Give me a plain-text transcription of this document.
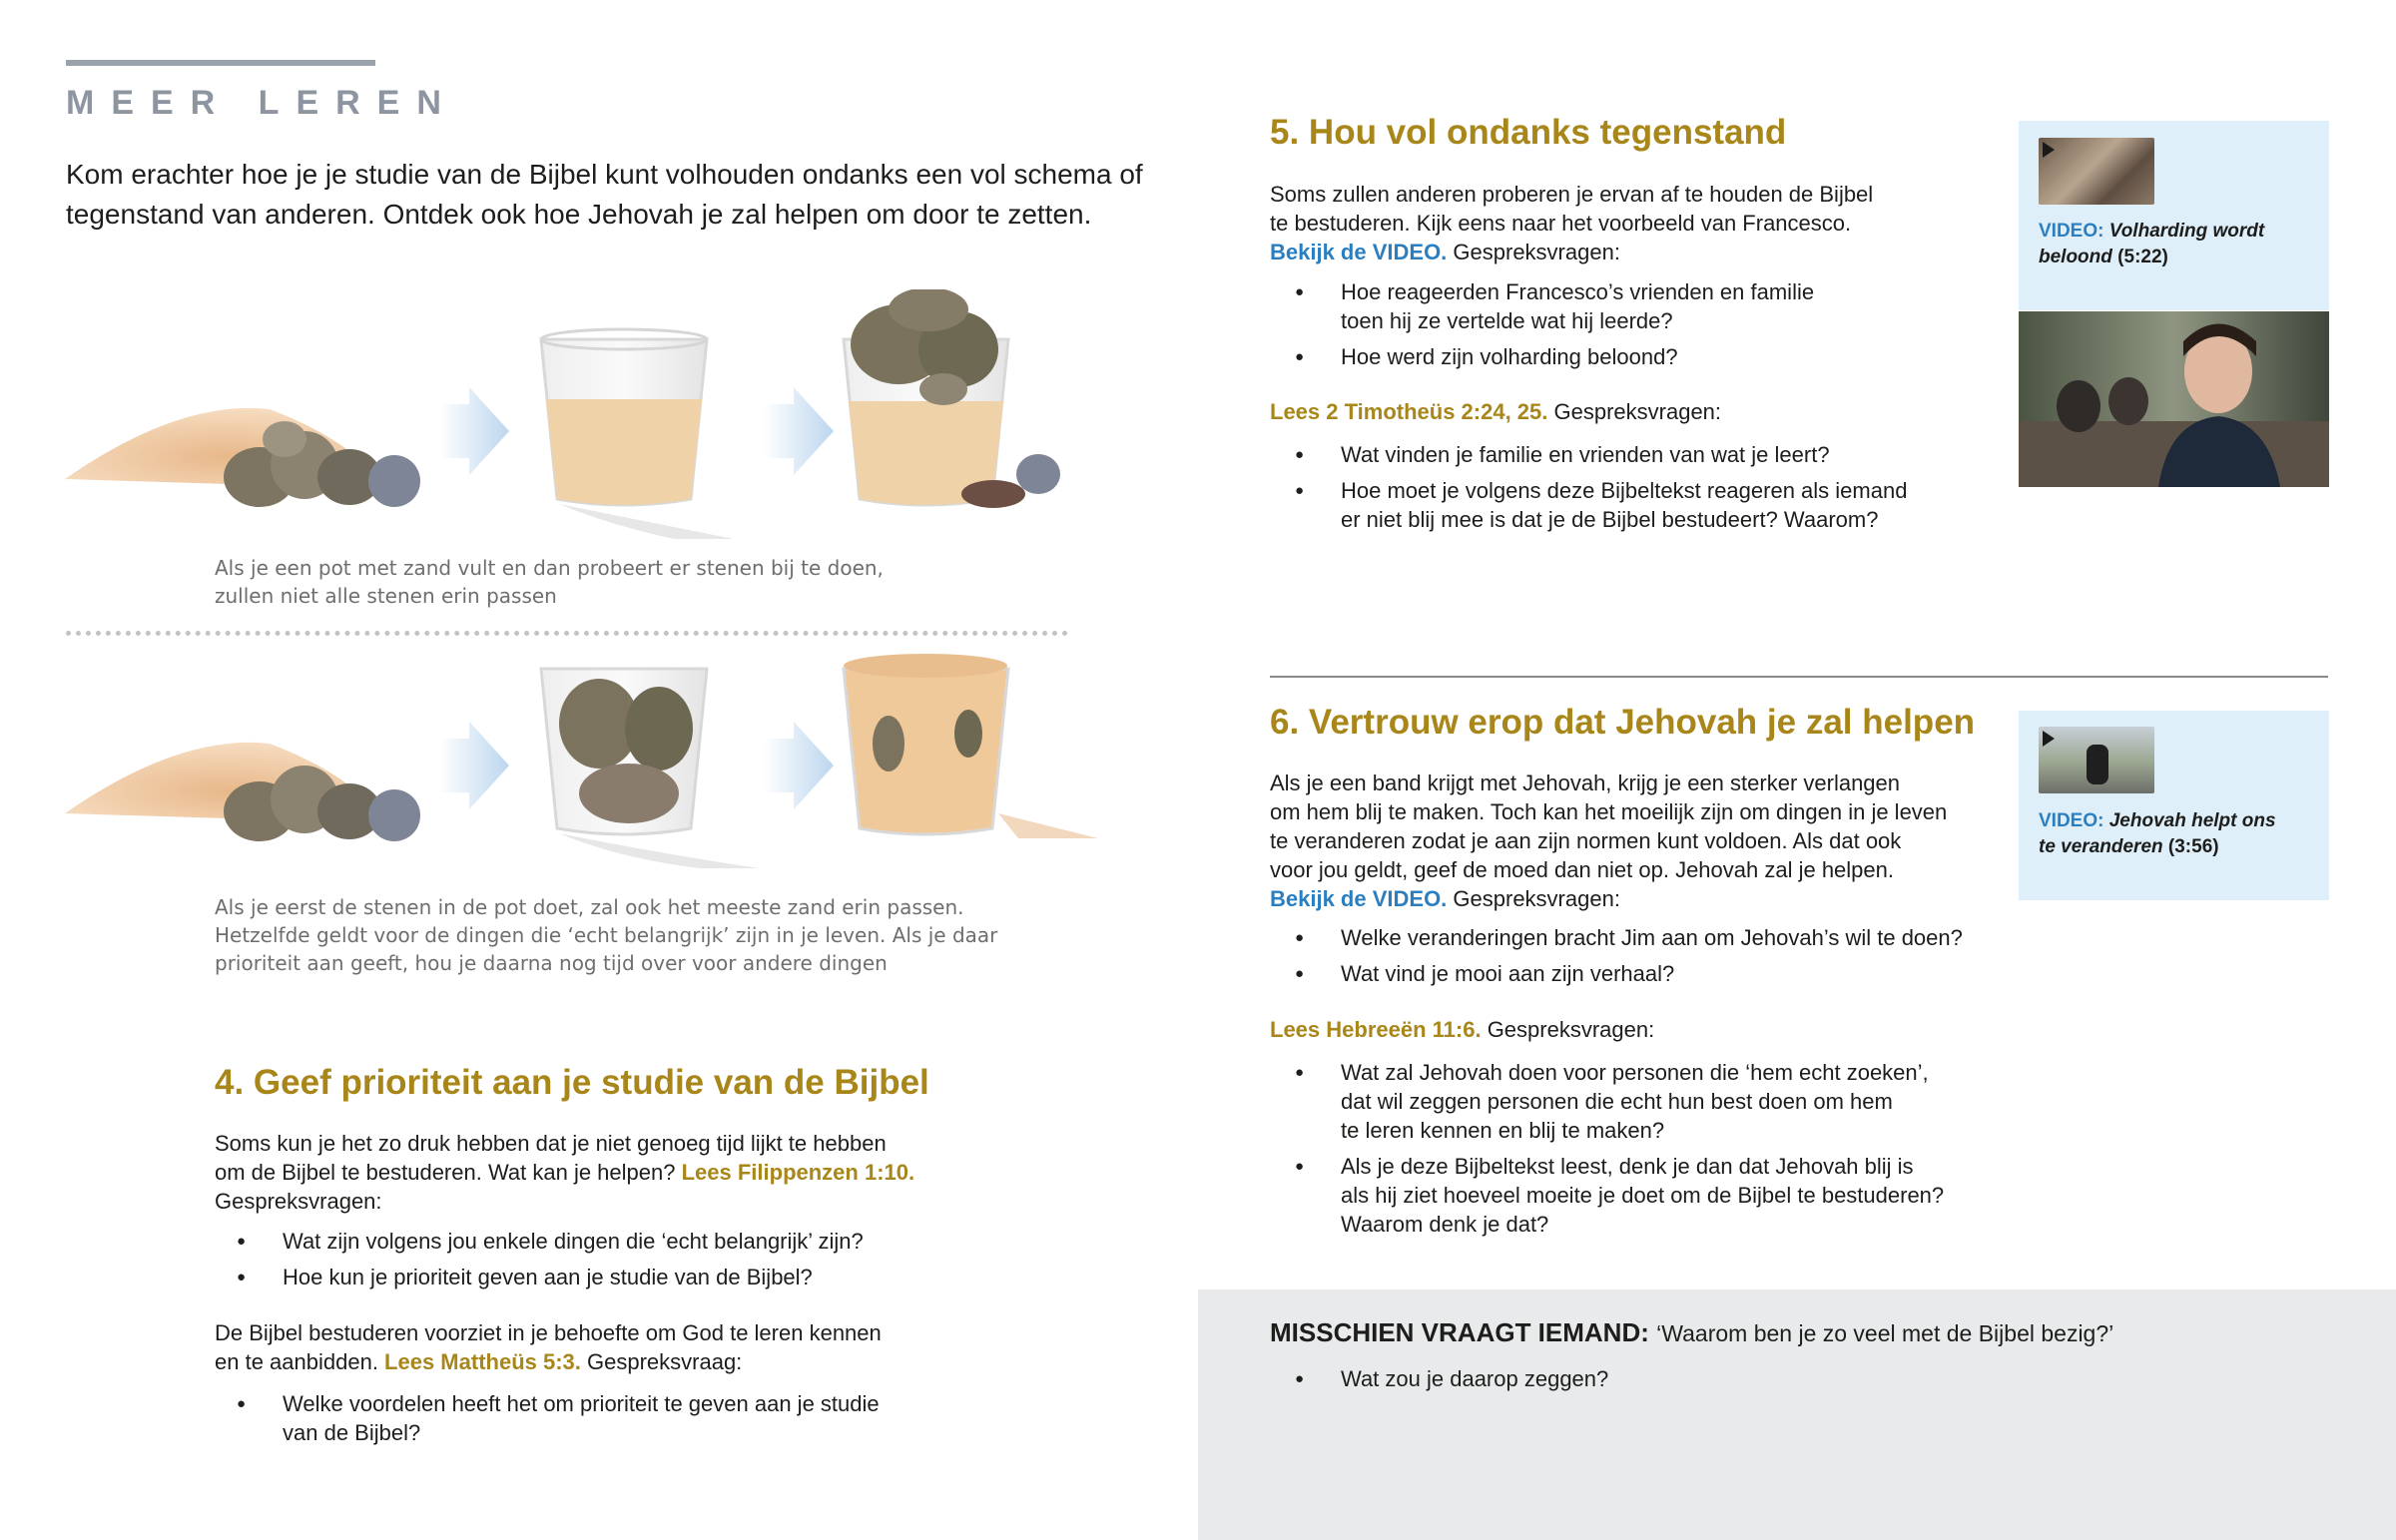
MEER LEREN
Kom erachter hoe je je studie van de Bijbel kunt volhouden ondanks een vol schema of tegenstand van anderen. Ontdek ook hoe Jehovah je zal helpen om door te zetten.
Als je een pot met zand vult en dan probeert er stenen bij te doen,
zullen niet alle stenen erin passen
Als je eerst de stenen in de pot doet, zal ook het meeste zand erin passen.
Hetzelfde geldt voor de dingen die ‘echt belangrijk’ zijn in je leven. Als je daar
prioriteit aan geeft, hou je daarna nog tijd over voor andere dingen
4. Geef prioriteit aan je studie van de Bijbel
Soms kun je het zo druk hebben dat je niet genoeg tijd lijkt te hebben
om de Bijbel te bestuderen. Wat kan je helpen? Lees Filippenzen 1:10.
Gespreksvragen:
● Wat zijn volgens jou enkele dingen die ‘echt belangrijk’ zijn?
● Hoe kun je prioriteit geven aan je studie van de Bijbel?
De Bijbel bestuderen voorziet in je behoefte om God te leren kennen
en te aanbidden. Lees Mattheüs 5:3. Gespreksvraag:
● Welke voordelen heeft het om prioriteit te geven aan je studie
van de Bijbel?
5. Hou vol ondanks tegenstand
Soms zullen anderen proberen je ervan af te houden de Bijbel
te bestuderen. Kijk eens naar het voorbeeld van Francesco.
Bekijk de VIDEO. Gespreksvragen:
● Hoe reageerden Francesco’s vrienden en familie
toen hij ze vertelde wat hij leerde?
● Hoe werd zijn volharding beloond?
Lees 2 Timotheüs 2:24, 25. Gespreksvragen:
● Wat vinden je familie en vrienden van wat je leert?
● Hoe moet je volgens deze Bijbeltekst reageren als iemand
er niet blij mee is dat je de Bijbel bestudeert? Waarom?
VIDEO: Volharding wordt
beloond (5:22)
6. Vertrouw erop dat Jehovah je zal helpen
Als je een band krijgt met Jehovah, krijg je een sterker verlangen
om hem blij te maken. Toch kan het moeilijk zijn om dingen in je leven
te veranderen zodat je aan zijn normen kunt voldoen. Als dat ook
voor jou geldt, geef de moed dan niet op. Jehovah zal je helpen.
Bekijk de VIDEO. Gespreksvragen:
● Welke veranderingen bracht Jim aan om Jehovah’s wil te doen?
● Wat vind je mooi aan zijn verhaal?
Lees Hebreeën 11:6. Gespreksvragen:
● Wat zal Jehovah doen voor personen die ‘hem echt zoeken’,
dat wil zeggen personen die echt hun best doen om hem
te leren kennen en blij te maken?
● Als je deze Bijbeltekst leest, denk je dan dat Jehovah blij is
als hij ziet hoeveel moeite je doet om de Bijbel te bestuderen?
Waarom denk je dat?
VIDEO: Jehovah helpt ons
te veranderen (3:56)
MISSCHIEN VRAAGT IEMAND: ‘Waarom ben je zo veel met de Bijbel bezig?’
● Wat zou je daarop zeggen?
